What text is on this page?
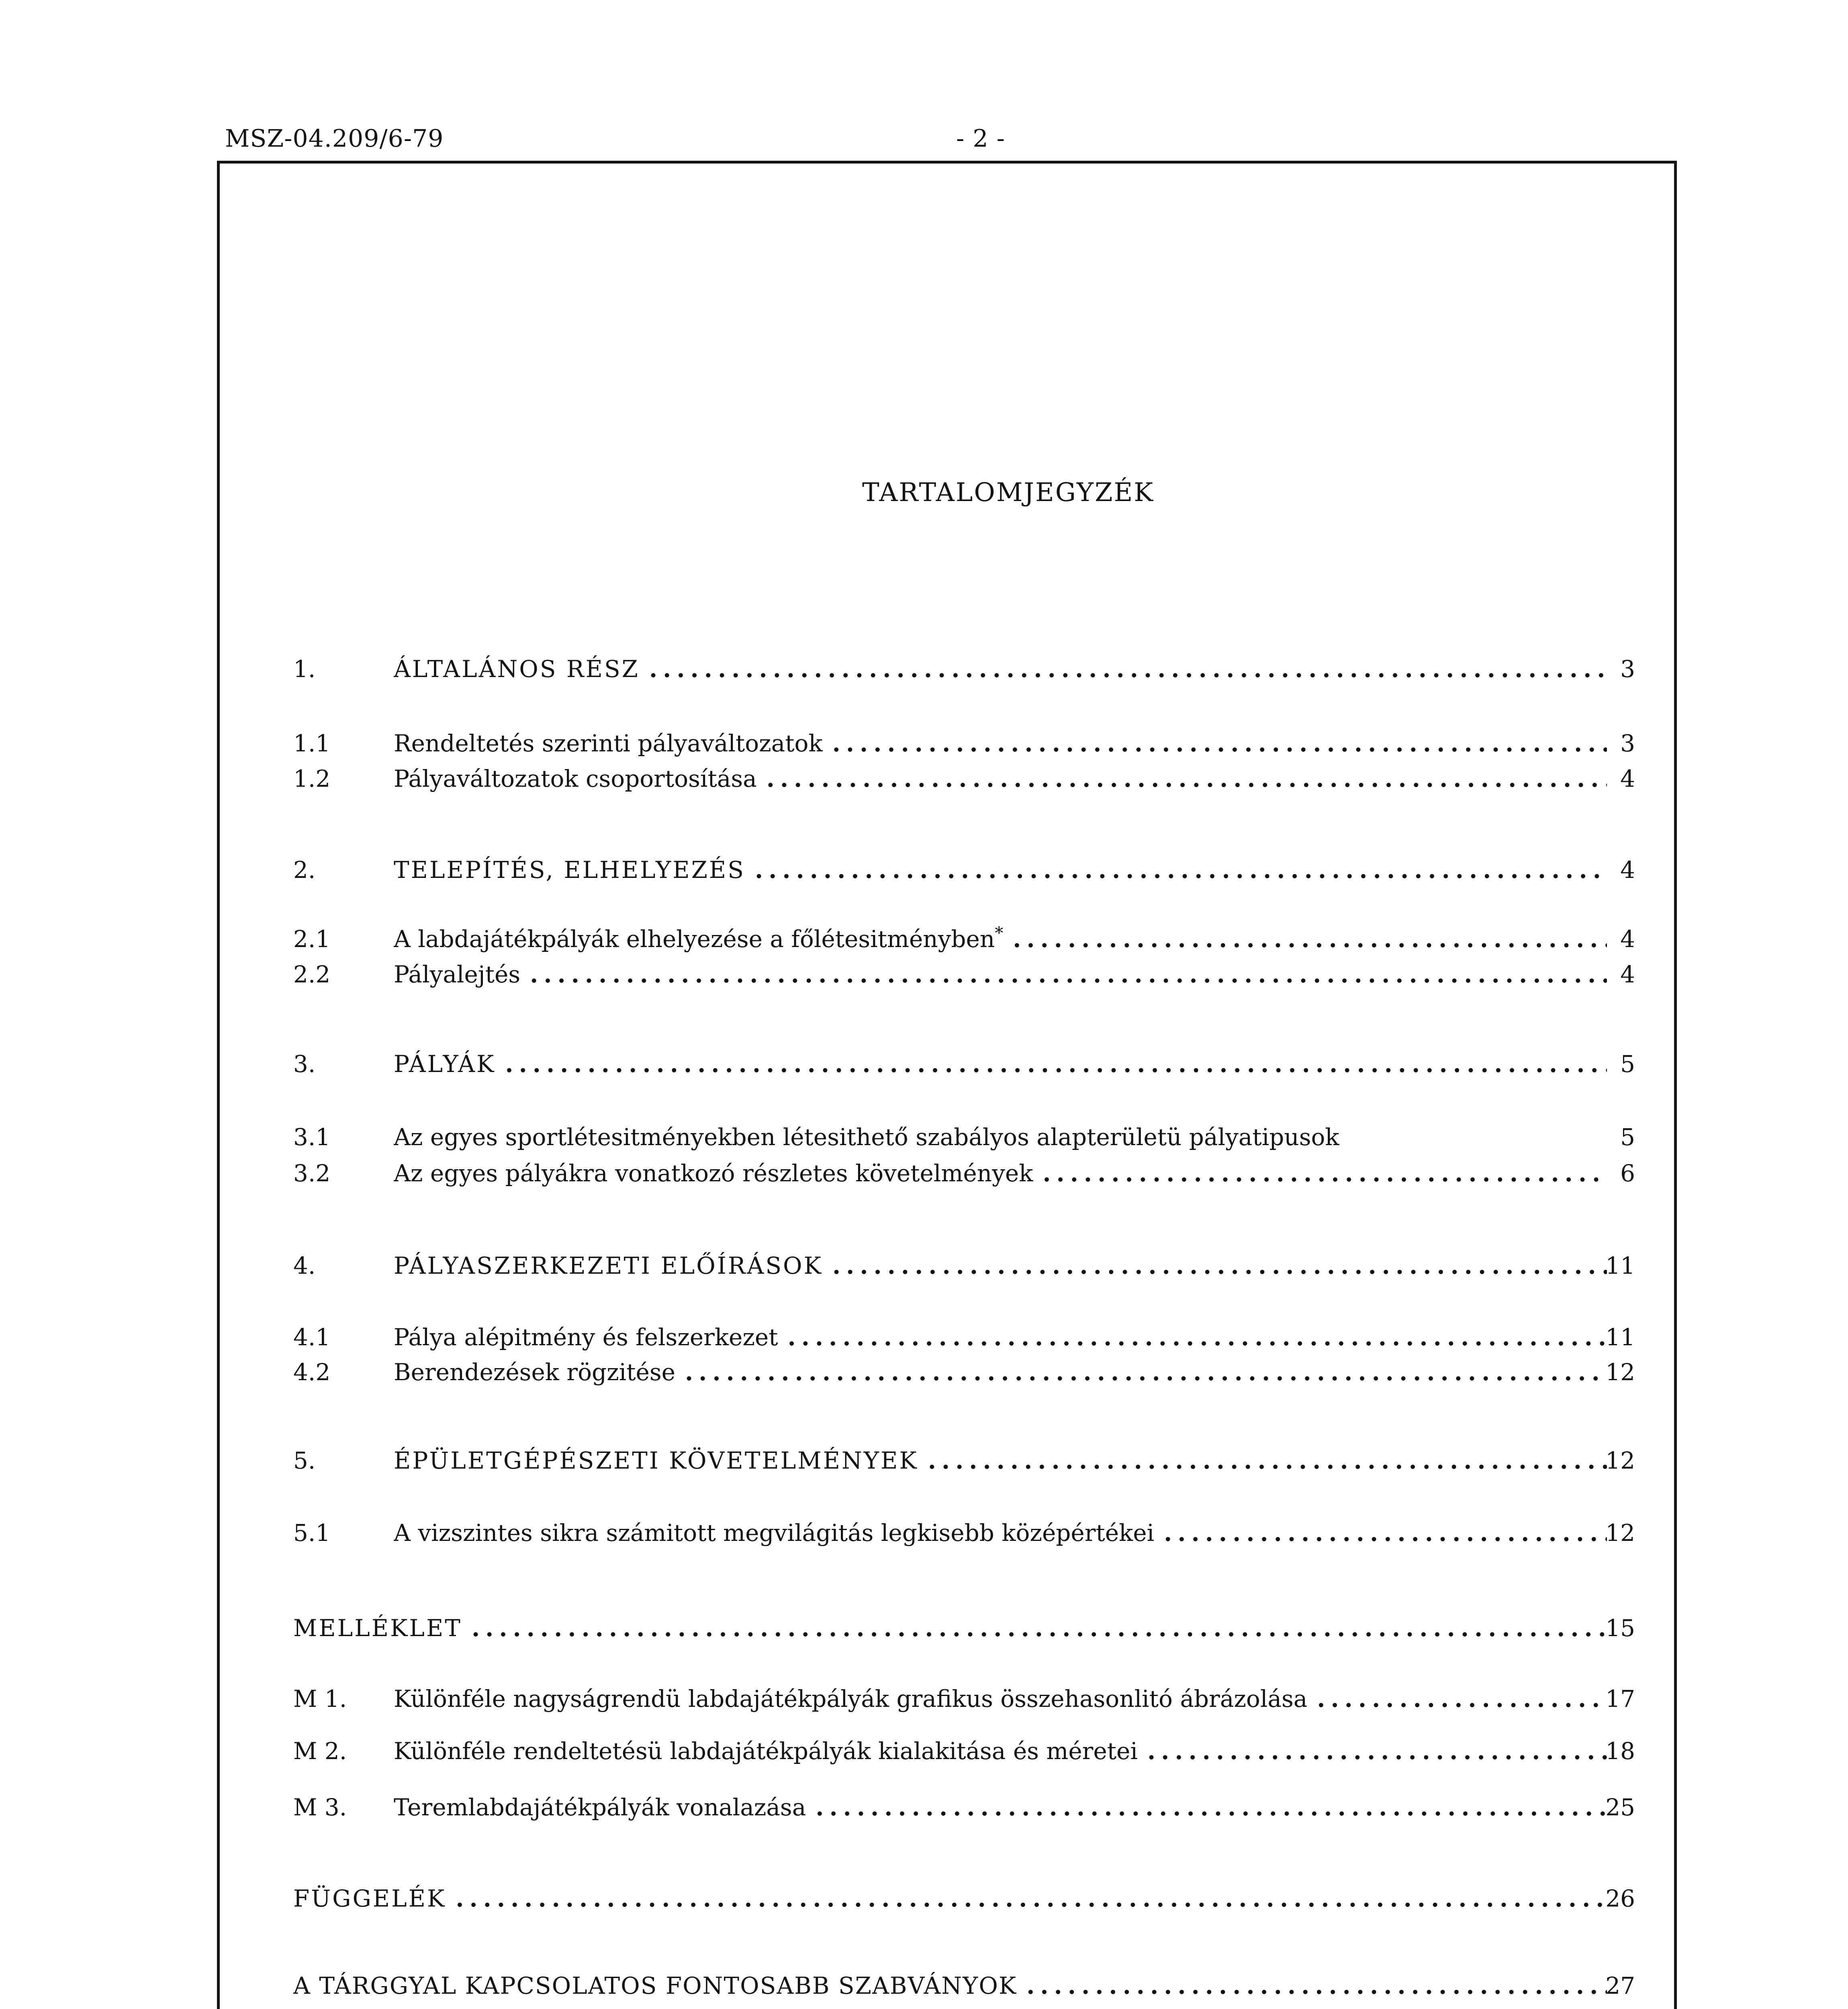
MSZ-04.209/6-79	- 2 -
TARTALOMJEGYZÉK
1.	ÁLTALÁNOS RÉSZ .....	3
1.1	Rendeltetés szerinti pályaváltozatok .....	3
1.2	Pályaváltozatok csoportosítása .....	4
2.	TELEPÍTÉS, ELHELYEZÉS .....	4
2.1	A labdajátékpályák elhelyezése a főlétesitményben* .....	4
2.2	Pályalejtés .....	4
3.	PÁLYÁK .....	5
3.1	Az egyes sportlétesitményekben létesithető szabályos alapterületü pályatipusok	5
3.2	Az egyes pályákra vonatkozó részletes követelmények .....	6
4.	PÁLYASZERKEZETI ELŐÍRÁSOK .....	11
4.1	Pálya alépitmény és felszerkezet .....	11
4.2	Berendezések rögzitése .....	12
5.	ÉPÜLETGÉPÉSZETI KÖVETELMÉNYEK .....	12
5.1	A vizszintes sikra számitott megvilágitás legkisebb középértékei .....	12
MELLÉKLET .....	15
M 1. Különféle nagyságrendü labdajátékpályák grafikus összehasonlitó ábrázolása .....	17
M 2. Különféle rendeltetésü labdajátékpályák kialakitása és méretei .....	18
M 3. Teremlabdajátékpályák vonalazása .....	25
FÜGGELÉK .....	26
A TÁRGGYAL KAPCSOLATOS FONTOSABB SZABVÁNYOK .....	27
